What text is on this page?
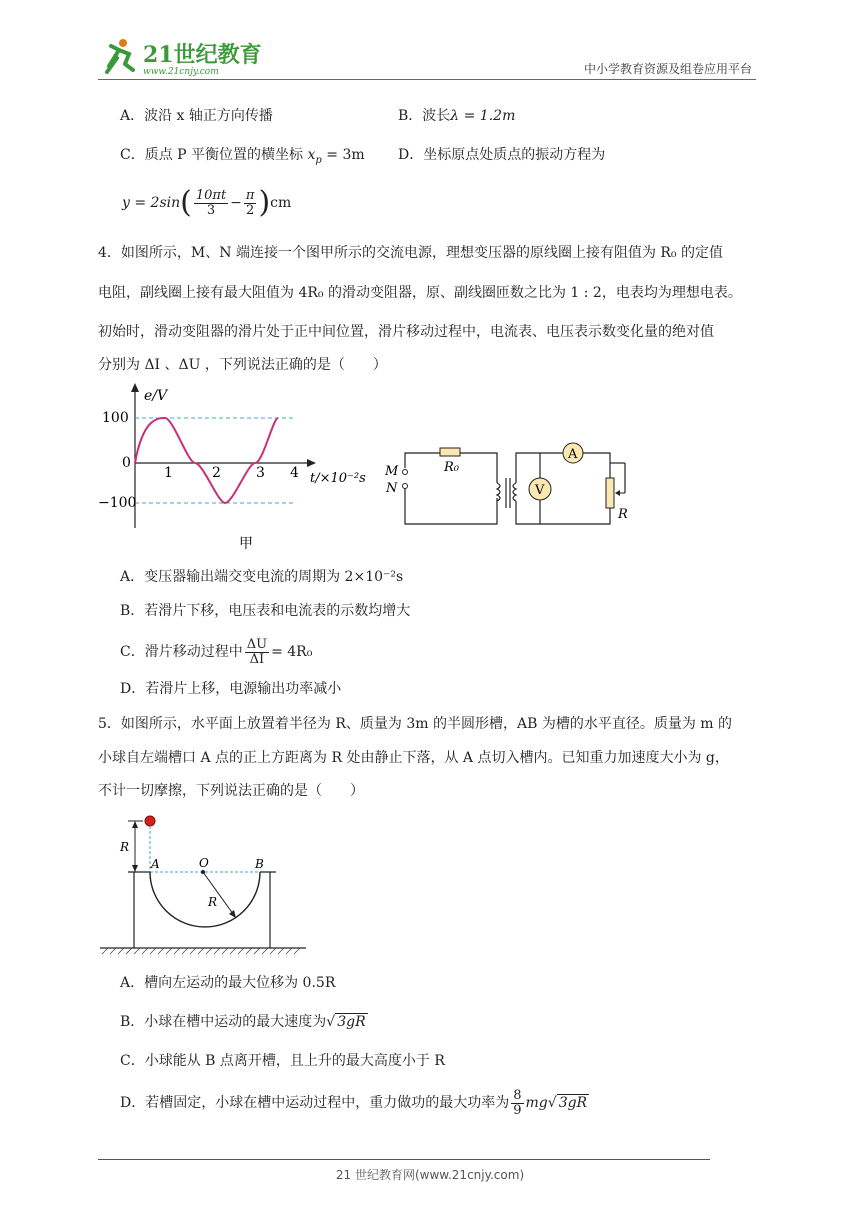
21世纪教育
www.21cnjy.com	中小学教育资源及组卷应用平台
A．波沿 x 轴正方向传播	B．波长λ = 1.2m
C．质点 P 平衡位置的横坐标 $x_p = 3m$ D．坐标原点处质点的振动方程为
$y = 2\sin( \frac{10\pi t}{3} - \frac{\pi}{2} )cm$
4．如图所示，M、N 端连接一个图甲所示的交流电源，理想变压器的原线圈上接有阻值为 R₀ 的定值
电阻，副线圈上接有最大阻值为 4R₀ 的滑动变阻器，原、副线圈匝数之比为 1 : 2，电表均为理想电表。
初始时，滑动变阻器的滑片处于正中间位置，滑片移动过程中，电流表、电压表示数变化量的绝对值
分别为 ΔI 、ΔU ，下列说法正确的是（　　）
e/V
100
0
−100
1	2	3 4 t/×10⁻²s
甲
R₀
M
N	V
A
R
A．变压器输出端交变电流的周期为 2×10⁻²s
B．若滑片下移，电压表和电流表的示数均增大
C．滑片移动过程中 $\frac{\Delta U}{\Delta I} = 4R_0$
D．若滑片上移，电源输出功率减小
5．如图所示，水平面上放置着半径为 R、质量为 3m 的半圆形槽，AB 为槽的水平直径。质量为 m 的
小球自左端槽口 A 点的正上方距离为 R 处由静止下落，从 A 点切入槽内。已知重力加速度大小为 g，
不计一切摩擦，下列说法正确的是（　　）
R
A	O	B
R
A．槽向左运动的最大位移为 0.5R
B．小球在槽中运动的最大速度为√ 3gR
C．小球能从 B 点离开槽，且上升的最大高度小于 R
D．若槽固定，小球在槽中运动过程中，重力做功的最大功率为 $\frac{8}{9} mg√$ 3gR
21 世纪教育网(www.21cnjy.com)
